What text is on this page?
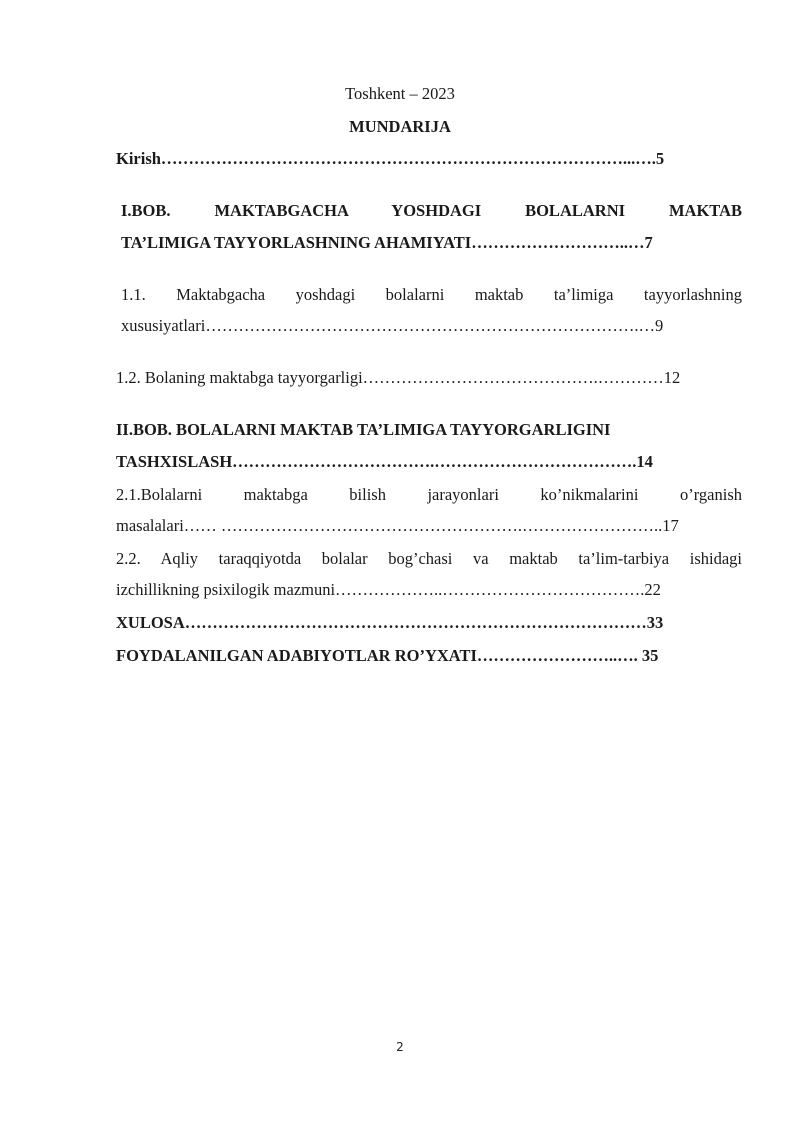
Toshkent – 2023
MUNDARIJA
Kirish…………………………………………………………………………...….5
I.BOB. MAKTABGACHA YOSHDAGI BOLALARNI MAKTAB
TA’LIMIGA TAYYORLASHNING AHAMIYATI………………………..…7
1.1. Maktabgacha yoshdagi bolalarni maktab ta’limiga tayyorlashning
xususiyatlari…………………………………………………………………….…9
1.2. Bolaning maktabga tayyorgarligi…………………………………….…………12
II.BOB. BOLALARNI MAKTAB TA’LIMIGA TAYYORGARLIGINI
TASHXISLASH……………………………….……………………………….14
2.1.Bolalarni maktabga bilish jarayonlari ko’nikmalarini o’rganish
masalalari…… ……………………………………………….……………………..17
2.2. Aqliy taraqqiyotda bolalar bog’chasi va maktab ta’lim-tarbiya ishidagi
izchillikning psixilogik mazmuni………………..……………………………….22
XULOSA…………………………………………………………………………33
FOYDALANILGAN ADABIYOTLAR RO’YXATI……………………..…. 35
2
